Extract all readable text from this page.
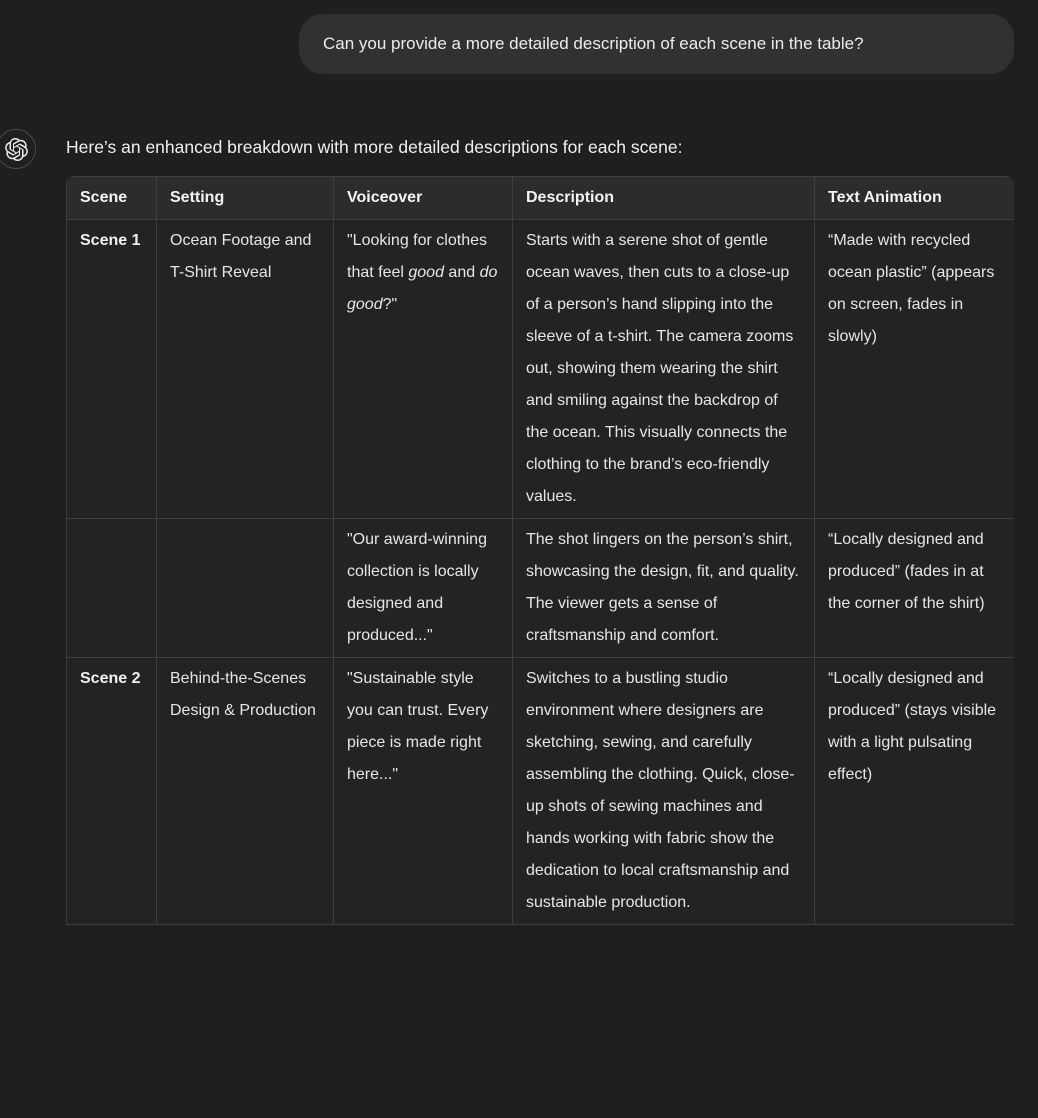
Can you provide a more detailed description of each scene in the table?

Here’s an enhanced breakdown with more detailed descriptions for each scene:

Scene	Setting	Voiceover	Description	Text Animation
Scene 1	Ocean Footage and T-Shirt Reveal	"Looking for clothes that feel good and do good?"	Starts with a serene shot of gentle ocean waves, then cuts to a close-up of a person’s hand slipping into the sleeve of a t-shirt. The camera zooms out, showing them wearing the shirt and smiling against the backdrop of the ocean. This visually connects the clothing to the brand’s eco-friendly values.	“Made with recycled ocean plastic” (appears on screen, fades in slowly)
		"Our award-winning collection is locally designed and produced..."	The shot lingers on the person’s shirt, showcasing the design, fit, and quality. The viewer gets a sense of craftsmanship and comfort.	“Locally designed and produced” (fades in at the corner of the shirt)
Scene 2	Behind-the-Scenes Design & Production	"Sustainable style you can trust. Every piece is made right here..."	Switches to a bustling studio environment where designers are sketching, sewing, and carefully assembling the clothing. Quick, close-up shots of sewing machines and hands working with fabric show the dedication to local craftsmanship and sustainable production.	“Locally designed and produced” (stays visible with a light pulsating effect)
